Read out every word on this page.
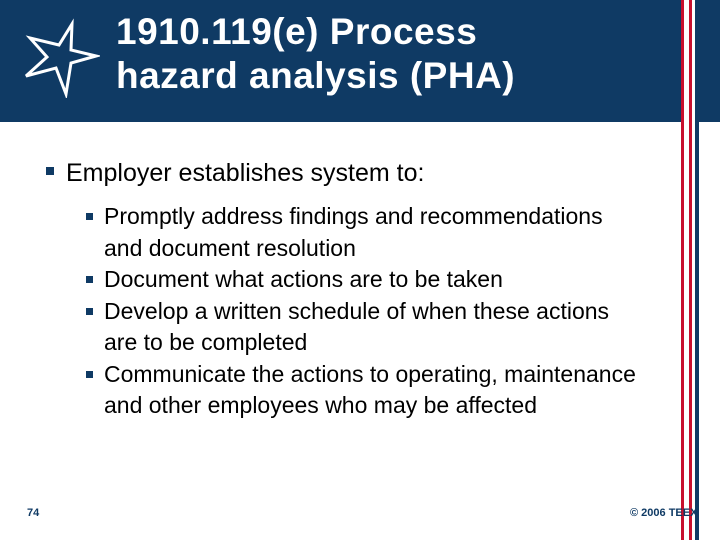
1910.119(e) Process
hazard analysis (PHA)
Employer establishes system to:
Promptly address findings and recommendations and document resolution
Document what actions are to be taken
Develop a written schedule of when these actions are to be completed
Communicate the actions to operating, maintenance and other employees who may be affected
74	© 2006 TEEX
